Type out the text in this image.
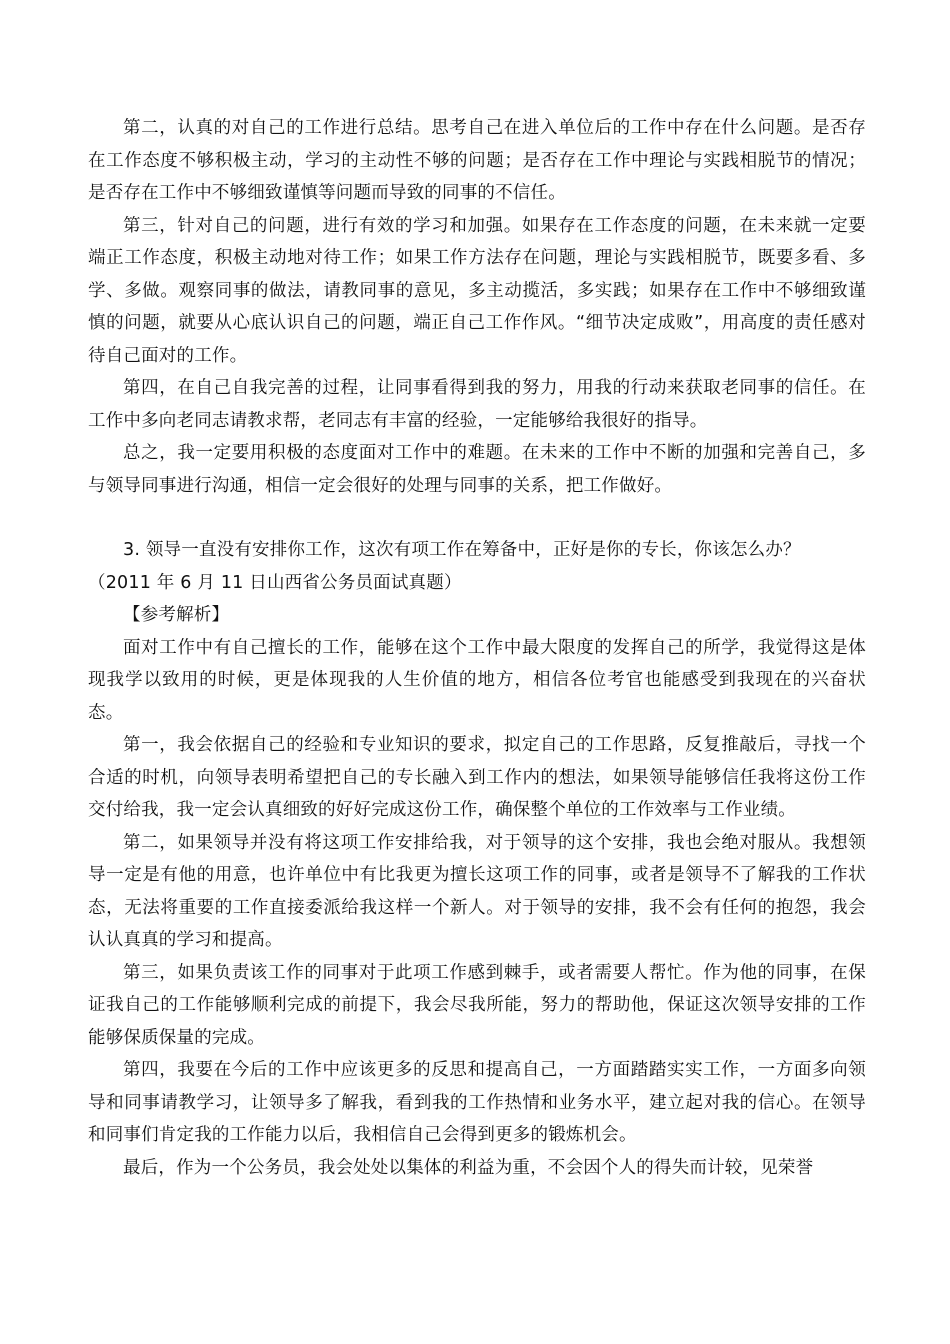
第二，认真的对自己的工作进行总结。思考自己在进入单位后的工作中存在什么问题。是否存在工作态度不够积极主动，学习的主动性不够的问题；是否存在工作中理论与实践相脱节的情况；是否存在工作中不够细致谨慎等问题而导致的同事的不信任。

第三，针对自己的问题，进行有效的学习和加强。如果存在工作态度的问题，在未来就一定要端正工作态度，积极主动地对待工作；如果工作方法存在问题，理论与实践相脱节，既要多看、多学、多做。观察同事的做法，请教同事的意见，多主动揽活，多实践；如果存在工作中不够细致谨慎的问题，就要从心底认识自己的问题，端正自己工作作风。“细节决定成败”，用高度的责任感对待自己面对的工作。

第四，在自己自我完善的过程，让同事看得到我的努力，用我的行动来获取老同事的信任。在工作中多向老同志请教求帮，老同志有丰富的经验，一定能够给我很好的指导。

总之，我一定要用积极的态度面对工作中的难题。在未来的工作中不断的加强和完善自己，多与领导同事进行沟通，相信一定会很好的处理与同事的关系，把工作做好。

3. 领导一直没有安排你工作，这次有项工作在筹备中，正好是你的专长，你该怎么办？

（2011 年 6 月 11 日山西省公务员面试真题）

【参考解析】

面对工作中有自己擅长的工作，能够在这个工作中最大限度的发挥自己的所学，我觉得这是体现我学以致用的时候，更是体现我的人生价值的地方，相信各位考官也能感受到我现在的兴奋状态。

第一，我会依据自己的经验和专业知识的要求，拟定自己的工作思路，反复推敲后，寻找一个合适的时机，向领导表明希望把自己的专长融入到工作内的想法，如果领导能够信任我将这份工作交付给我，我一定会认真细致的好好完成这份工作，确保整个单位的工作效率与工作业绩。

第二，如果领导并没有将这项工作安排给我，对于领导的这个安排，我也会绝对服从。我想领导一定是有他的用意，也许单位中有比我更为擅长这项工作的同事，或者是领导不了解我的工作状态，无法将重要的工作直接委派给我这样一个新人。对于领导的安排，我不会有任何的抱怨，我会认认真真的学习和提高。

第三，如果负责该工作的同事对于此项工作感到棘手，或者需要人帮忙。作为他的同事，在保证我自己的工作能够顺利完成的前提下，我会尽我所能，努力的帮助他，保证这次领导安排的工作能够保质保量的完成。

第四，我要在今后的工作中应该更多的反思和提高自己，一方面踏踏实实工作，一方面多向领导和同事请教学习，让领导多了解我，看到我的工作热情和业务水平，建立起对我的信心。在领导和同事们肯定我的工作能力以后，我相信自己会得到更多的锻炼机会。

最后，作为一个公务员，我会处处以集体的利益为重，不会因个人的得失而计较，见荣誉
